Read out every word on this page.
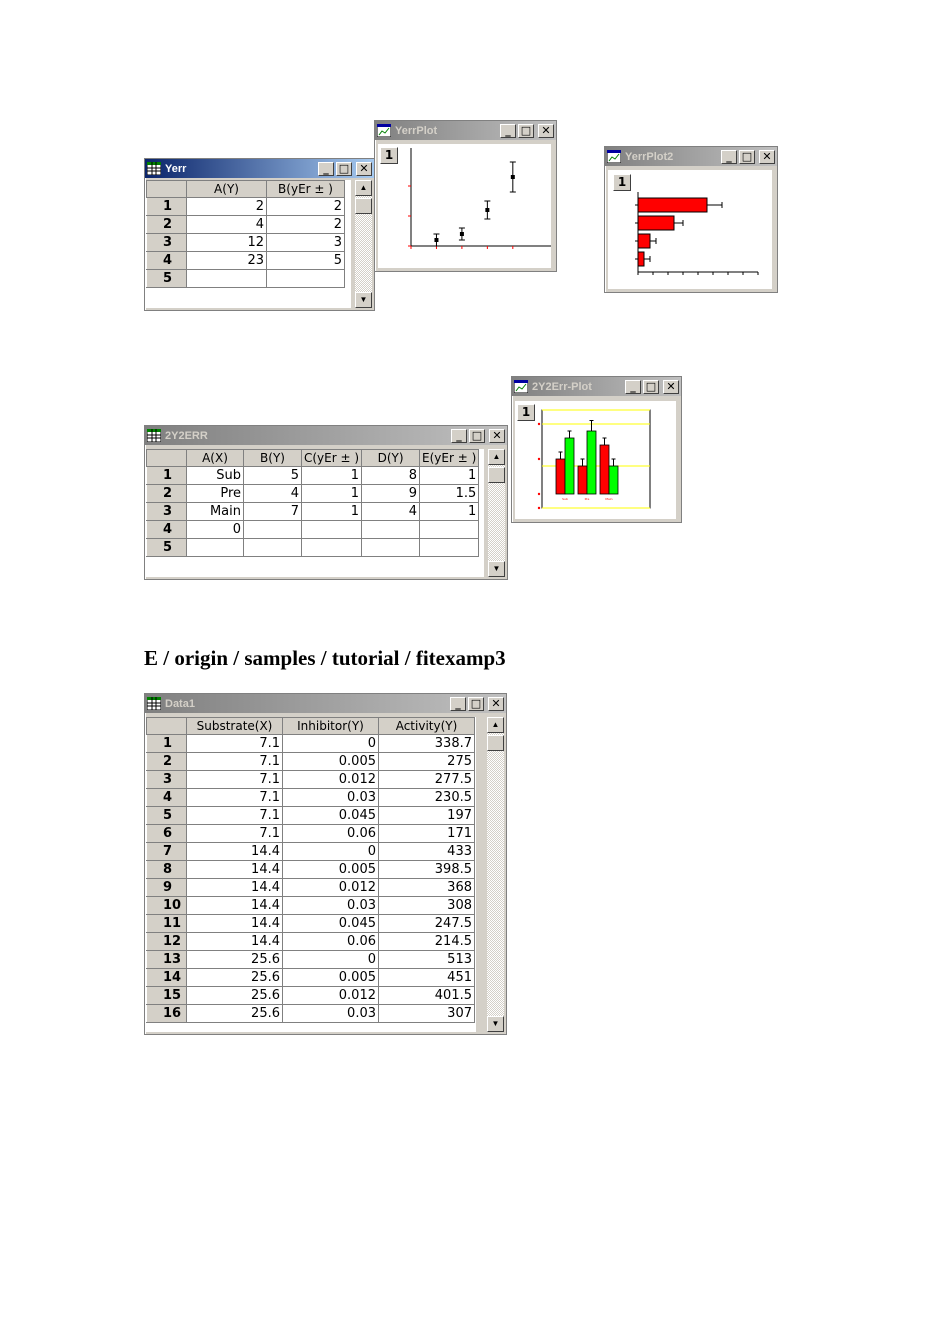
Yerr	_ □ ✕
	A(Y)	B(yEr ± )
1	2	2
2	4	2
3	12	3
4	23	5
5		
▲
▼
YerrPlot	_ □ ✕
1	YerrPlot2	_ □ ✕
1
2Y2ERR	_ □ ✕
	A(X)	B(Y)	C(yEr ± )	D(Y)	E(yEr ± )
1	Sub	5	1	8	1
2	Pre	4	1	9	1.5
3	Main	7	1	4	1
4	0				
5					
▲
▼
2Y2Err-Plot	_ □ ✕
1
Sub	Pre	Main
E / origin / samples / tutorial / fitexamp3
Data1	_ □ ✕
	Substrate(X)	Inhibitor(Y)	Activity(Y)
1	7.1	0	338.7
2	7.1	0.005	275
3	7.1	0.012	277.5
4	7.1	0.03	230.5
5	7.1	0.045	197
6	7.1	0.06	171
7	14.4	0	433
8	14.4	0.005	398.5
9	14.4	0.012	368
10	14.4	0.03	308
11	14.4	0.045	247.5
12	14.4	0.06	214.5
13	25.6	0	513
14	25.6	0.005	451
15	25.6	0.012	401.5
16	25.6	0.03	307
▲
▼
